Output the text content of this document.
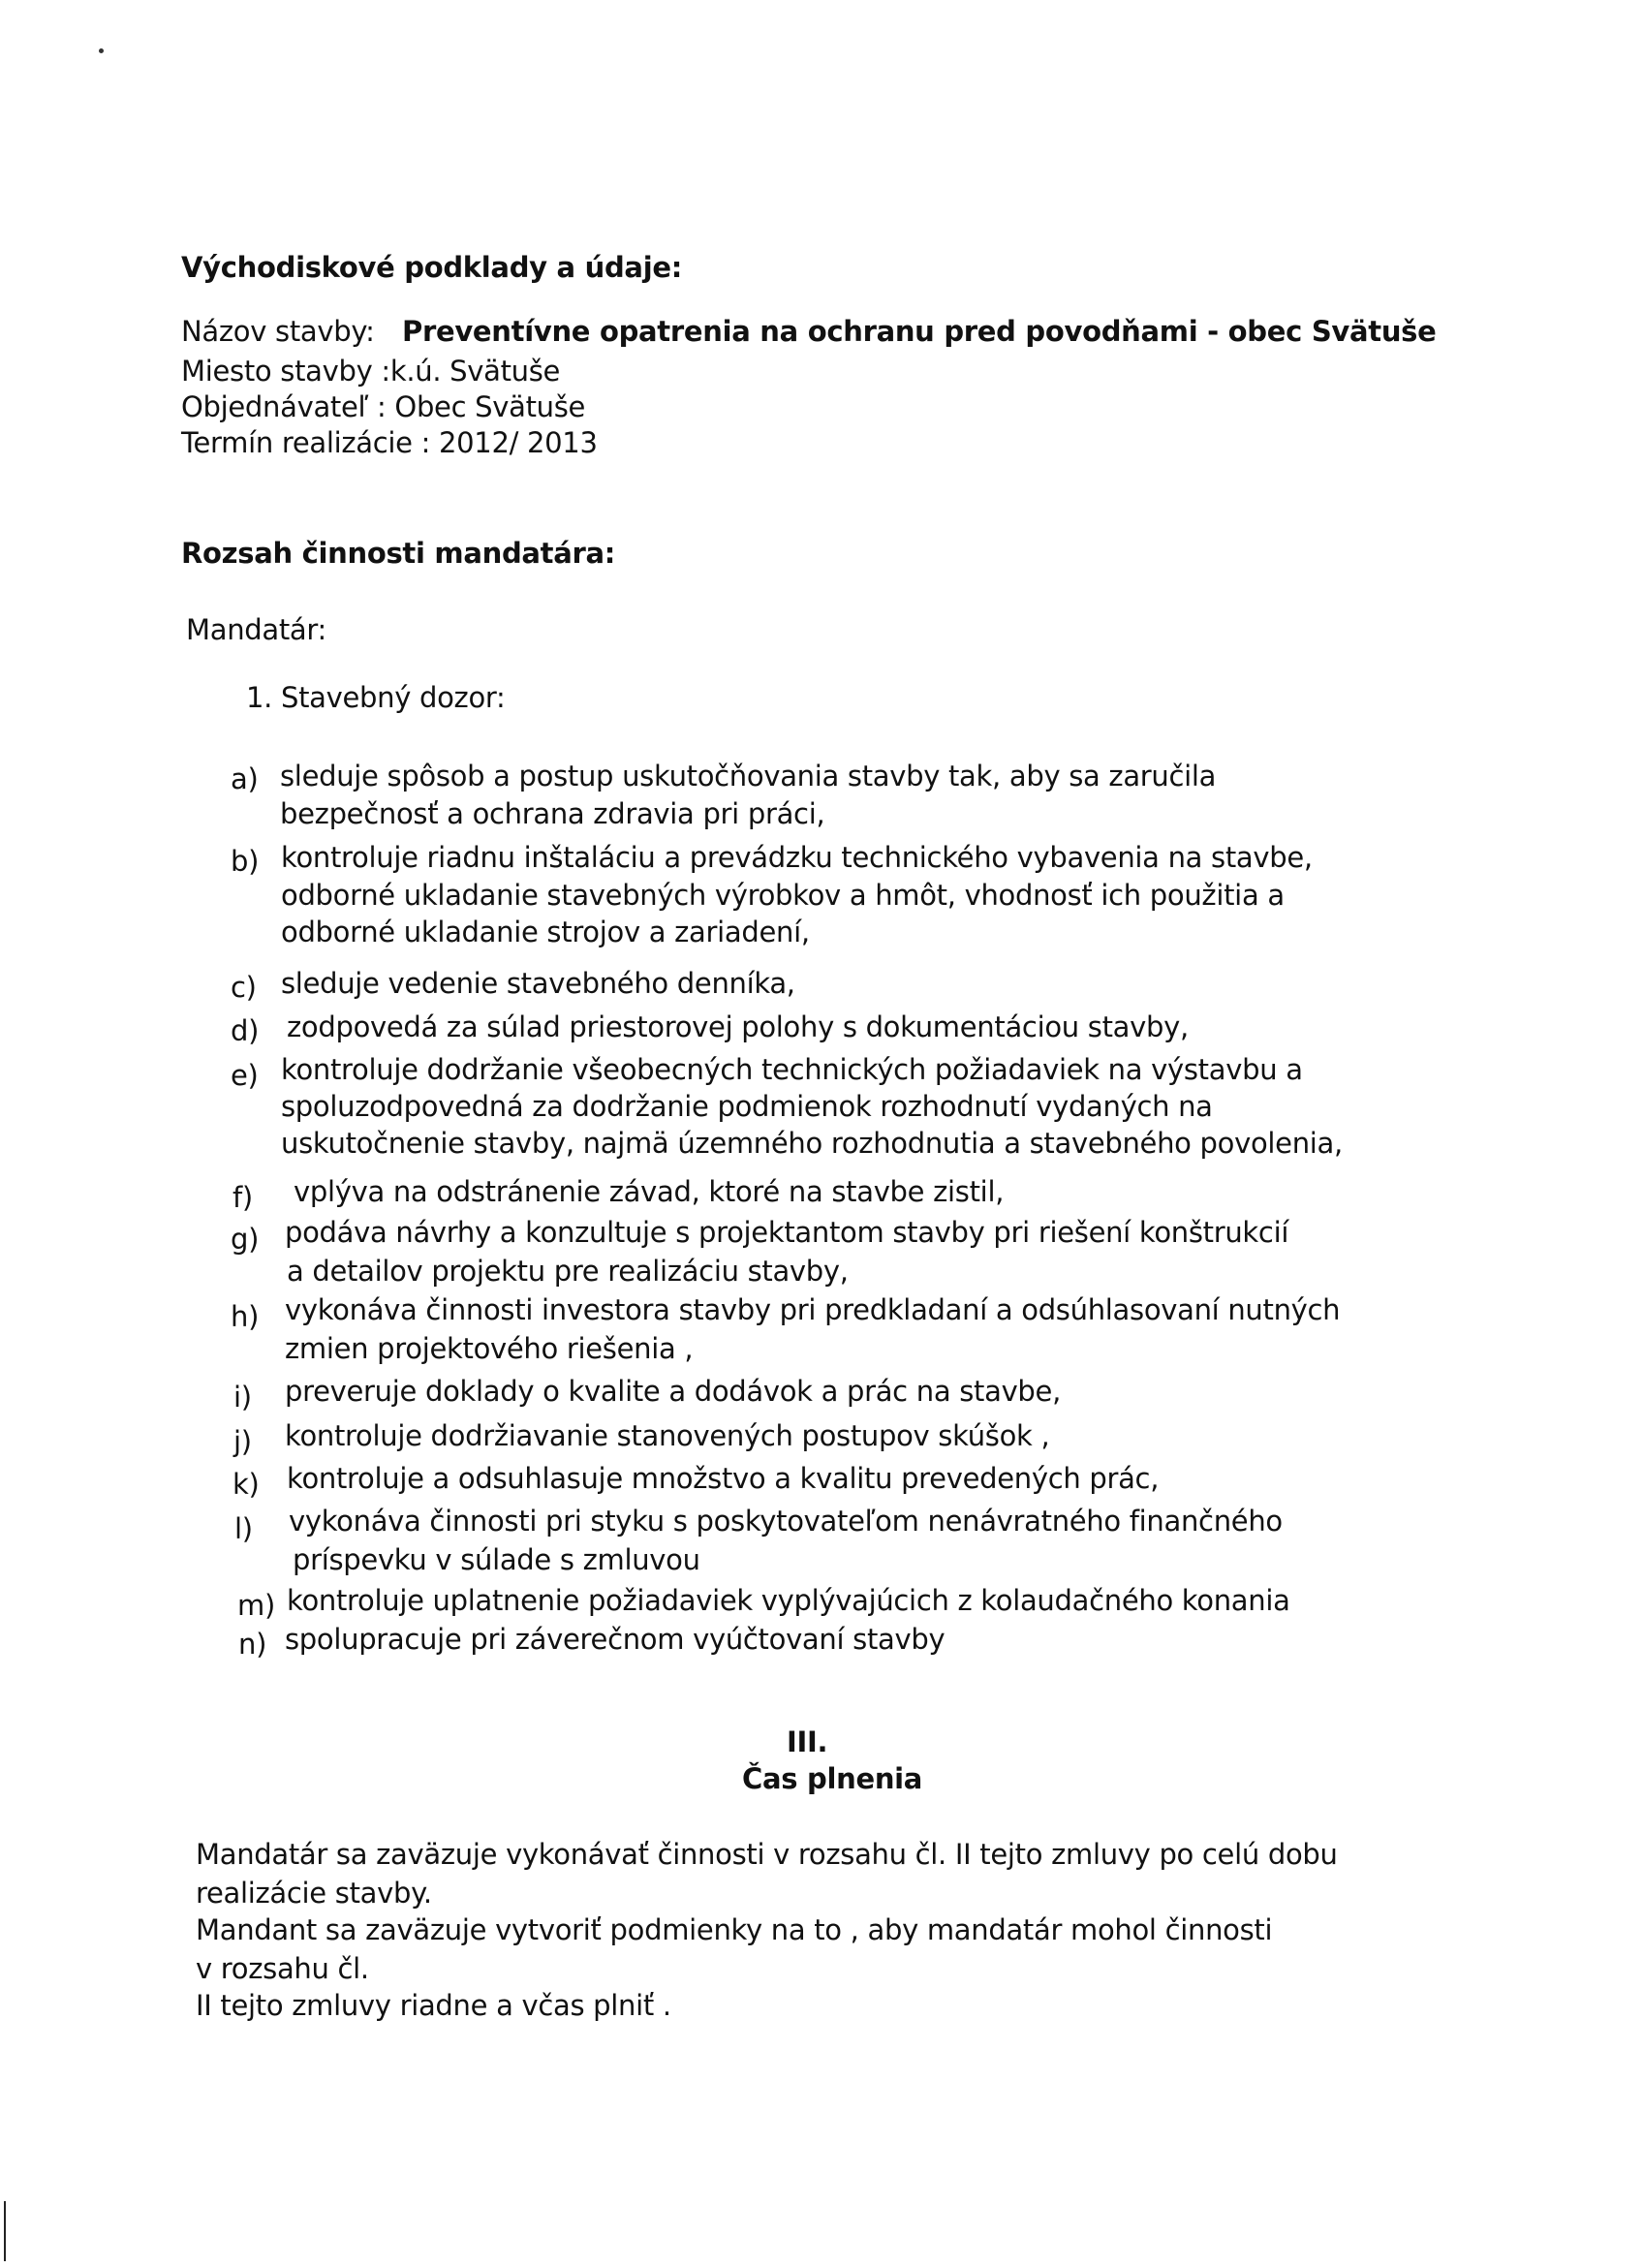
Východiskové podklady a údaje:
Názov stavby: Preventívne opatrenia na ochranu pred povodňami - obec Svätuše
Miesto stavby :k.ú. Svätuše
Objednávateľ : Obec Svätuše
Termín realizácie : 2012/ 2013
Rozsah činnosti mandatára:
Mandatár:
1. Stavebný dozor:
a) sleduje spôsob a postup uskutočňovania stavby tak, aby sa zaručila
bezpečnosť a ochrana zdravia pri práci,
b) kontroluje riadnu inštaláciu a prevádzku technického vybavenia na stavbe,
odborné ukladanie stavebných výrobkov a hmôt, vhodnosť ich použitia a
odborné ukladanie strojov a zariadení,
c) sleduje vedenie stavebného denníka,
d) zodpovedá za súlad priestorovej polohy s dokumentáciou stavby,
e) kontroluje dodržanie všeobecných technických požiadaviek na výstavbu a
spoluzodpovedná za dodržanie podmienok rozhodnutí vydaných na
uskutočnenie stavby, najmä územného rozhodnutia a stavebného povolenia,
f) vplýva na odstránenie závad, ktoré na stavbe zistil,
g) podáva návrhy a konzultuje s projektantom stavby pri riešení konštrukcií
a detailov projektu pre realizáciu stavby,
h) vykonáva činnosti investora stavby pri predkladaní a odsúhlasovaní nutných
zmien projektového riešenia ,
i) preveruje doklady o kvalite a dodávok a prác na stavbe,
j) kontroluje dodržiavanie stanovených postupov skúšok ,
k) kontroluje a odsuhlasuje množstvo a kvalitu prevedených prác,
l) vykonáva činnosti pri styku s poskytovateľom nenávratného finančného
príspevku v súlade s zmluvou
m) kontroluje uplatnenie požiadaviek vyplývajúcich z kolaudačného konania
n) spolupracuje pri záverečnom vyúčtovaní stavby
III.
Čas plnenia
Mandatár sa zaväzuje vykonávať činnosti v rozsahu čl. II tejto zmluvy po celú dobu
realizácie stavby.
Mandant sa zaväzuje vytvoriť podmienky na to , aby mandatár mohol činnosti
v rozsahu čl.
II tejto zmluvy riadne a včas plniť .
